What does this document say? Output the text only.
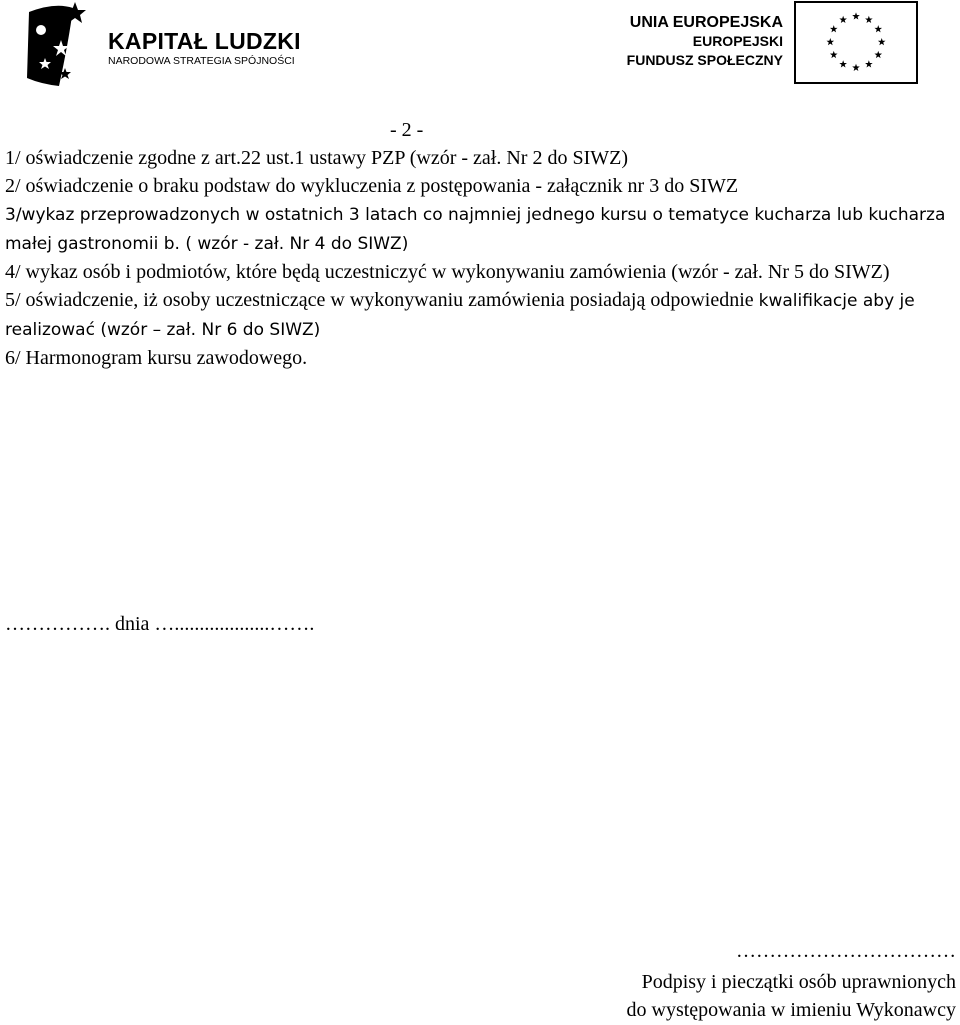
KAPITAŁ LUDZKI
NARODOWA STRATEGIA SPÓJNOŚCI
UNIA EUROPEJSKA
EUROPEJSKI
FUNDUSZ SPOŁECZNY
- 2 -

1/ oświadczenie zgodne z art.22 ust.1 ustawy PZP (wzór - zał. Nr 2 do SIWZ)

2/ oświadczenie o braku podstaw do wykluczenia z postępowania - załącznik nr 3 do SIWZ

3/wykaz przeprowadzonych w ostatnich 3 latach co najmniej jednego kursu o tematyce kucharza lub kucharza małej gastronomii b. ( wzór - zał. Nr 4 do SIWZ)

4/ wykaz osób i podmiotów, które będą uczestniczyć w wykonywaniu zamówienia (wzór - zał. Nr 5 do SIWZ)

5/ oświadczenie, iż osoby uczestniczące w wykonywaniu zamówienia posiadają odpowiednie kwalifikacje aby je realizować (wzór – zał. Nr 6 do SIWZ)

6/ Harmonogram kursu zawodowego.

……………. dnia …...................…….
……………………………
Podpisy i pieczątki osób uprawnionych
do występowania w imieniu Wykonawcy
